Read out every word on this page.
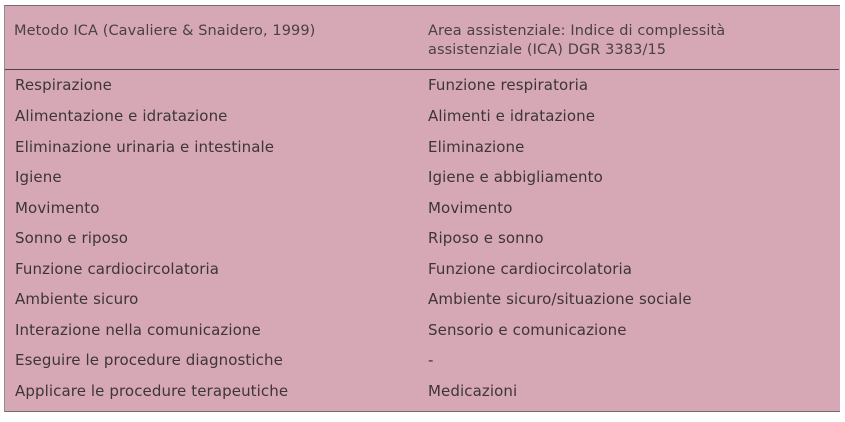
Metodo ICA (Cavaliere & Snaidero, 1999)	Area assistenziale: Indice di complessità assistenziale (ICA) DGR 3383/15
Respirazione	Funzione respiratoria
Alimentazione e idratazione	Alimenti e idratazione
Eliminazione urinaria e intestinale	Eliminazione
Igiene	Igiene e abbigliamento
Movimento	Movimento
Sonno e riposo	Riposo e sonno
Funzione cardiocircolatoria	Funzione cardiocircolatoria
Ambiente sicuro	Ambiente sicuro/situazione sociale
Interazione nella comunicazione	Sensorio e comunicazione
Eseguire le procedure diagnostiche	-
Applicare le procedure terapeutiche	Medicazioni
